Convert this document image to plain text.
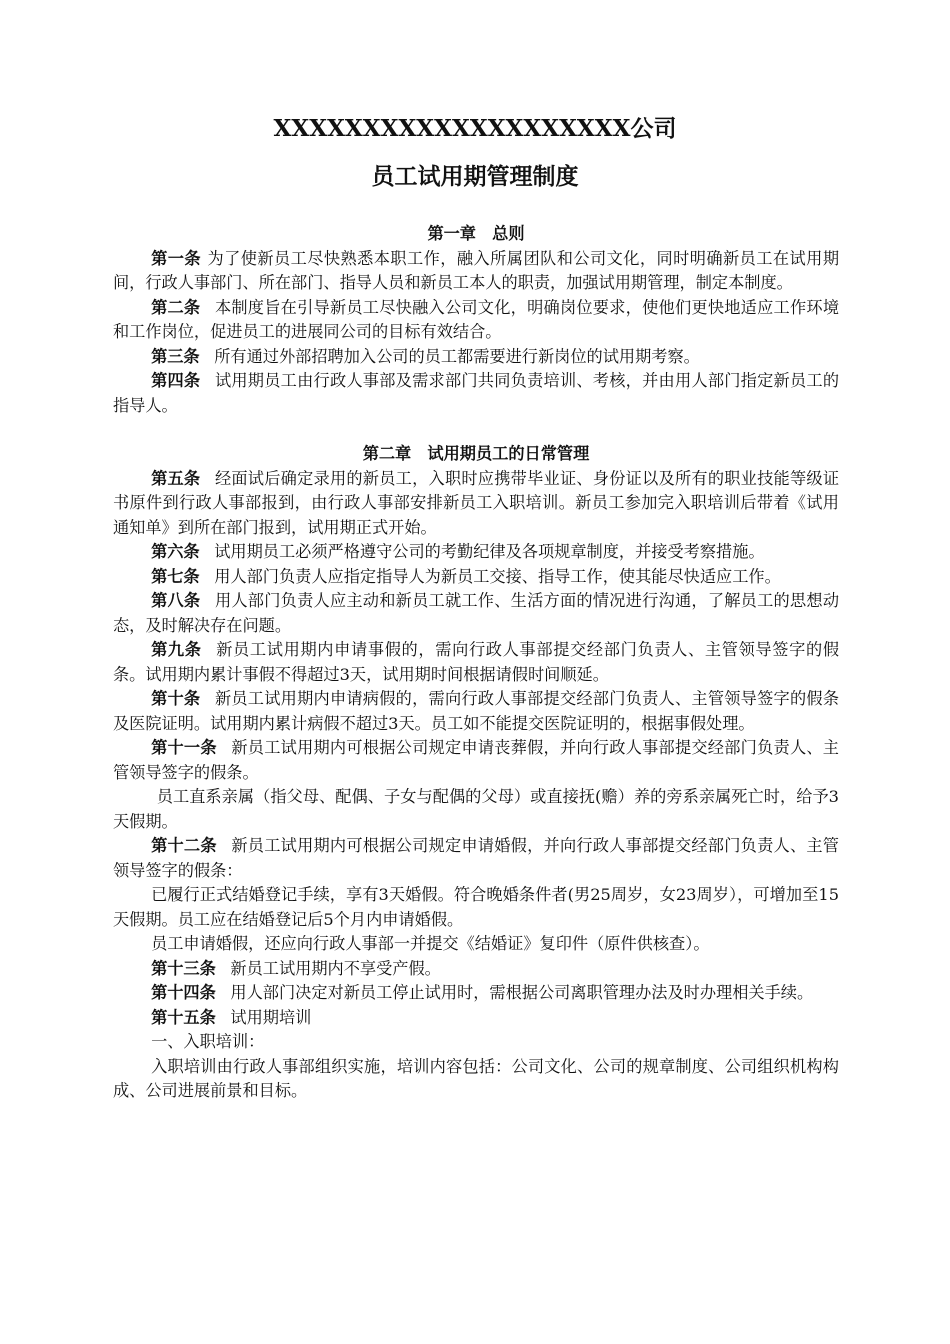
XXXXXXXXXXXXXXXXXXXX公司
员工试用期管理制度

第一章　总则

第一条 为了使新员工尽快熟悉本职工作，融入所属团队和公司文化，同时明确新员工在试用期间，行政人事部门、所在部门、指导人员和新员工本人的职责，加强试用期管理，制定本制度。

第二条 本制度旨在引导新员工尽快融入公司文化，明确岗位要求，使他们更快地适应工作环境和工作岗位，促进员工的进展同公司的目标有效结合。

第三条 所有通过外部招聘加入公司的员工都需要进行新岗位的试用期考察。

第四条 试用期员工由行政人事部及需求部门共同负责培训、考核，并由用人部门指定新员工的指导人。

第二章　试用期员工的日常管理

第五条 经面试后确定录用的新员工，入职时应携带毕业证、身份证以及所有的职业技能等级证书原件到行政人事部报到，由行政人事部安排新员工入职培训。新员工参加完入职培训后带着《试用通知单》到所在部门报到，试用期正式开始。

第六条 试用期员工必须严格遵守公司的考勤纪律及各项规章制度，并接受考察措施。

第七条 用人部门负责人应指定指导人为新员工交接、指导工作，使其能尽快适应工作。

第八条 用人部门负责人应主动和新员工就工作、生活方面的情况进行沟通，了解员工的思想动态，及时解决存在问题。

第九条 新员工试用期内申请事假的，需向行政人事部提交经部门负责人、主管领导签字的假条。试用期内累计事假不得超过3天，试用期时间根据请假时间顺延。

第十条 新员工试用期内申请病假的，需向行政人事部提交经部门负责人、主管领导签字的假条及医院证明。试用期内累计病假不超过3天。员工如不能提交医院证明的，根据事假处理。

第十一条 新员工试用期内可根据公司规定申请丧葬假，并向行政人事部提交经部门负责人、主管领导签字的假条。

员工直系亲属（指父母、配偶、子女与配偶的父母）或直接抚(赡）养的旁系亲属死亡时，给予3天假期。

第十二条 新员工试用期内可根据公司规定申请婚假，并向行政人事部提交经部门负责人、主管领导签字的假条：

已履行正式结婚登记手续，享有3天婚假。符合晚婚条件者(男25周岁，女23周岁），可增加至15天假期。员工应在结婚登记后5个月内申请婚假。

员工申请婚假，还应向行政人事部一并提交《结婚证》复印件（原件供核查）。

第十三条 新员工试用期内不享受产假。

第十四条 用人部门决定对新员工停止试用时，需根据公司离职管理办法及时办理相关手续。

第十五条 试用期培训

一、入职培训：

入职培训由行政人事部组织实施，培训内容包括：公司文化、公司的规章制度、公司组织机构构成、公司进展前景和目标。
